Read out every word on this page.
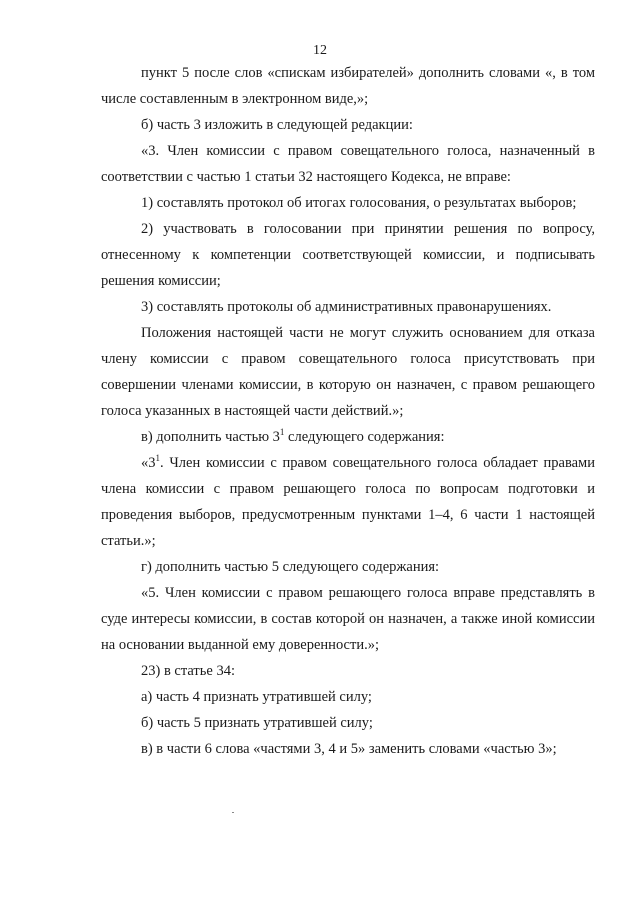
12

пункт 5 после слов «спискам избирателей» дополнить словами «, в том числе составленным в электронном виде,»;

б) часть 3 изложить в следующей редакции:

«3. Член комиссии с правом совещательного голоса, назначенный в соответствии с частью 1 статьи 32 настоящего Кодекса, не вправе:

1) составлять протокол об итогах голосования, о результатах выборов;

2) участвовать в голосовании при принятии решения по вопросу, отнесенному к компетенции соответствующей комиссии, и подписывать решения комиссии;

3) составлять протоколы об административных правонарушениях.

Положения настоящей части не могут служить основанием для отказа члену комиссии с правом совещательного голоса присутствовать при совершении членами комиссии, в которую он назначен, с правом решающего голоса указанных в настоящей части действий.»;

в) дополнить частью $3^1$ следующего содержания:

«$3^1$. Член комиссии с правом совещательного голоса обладает правами члена комиссии с правом решающего голоса по вопросам подготовки и проведения выборов, предусмотренным пунктами 1–4, 6 части 1 настоящей статьи.»;

г) дополнить частью 5 следующего содержания:

«5. Член комиссии с правом решающего голоса вправе представлять в суде интересы комиссии, в состав которой он назначен, а также иной комиссии на основании выданной ему доверенности.»;

23) в статье 34:

а) часть 4 признать утратившей силу;

б) часть 5 признать утратившей силу;

в) в части 6 слова «частями 3, 4 и 5» заменить словами «частью 3»;
